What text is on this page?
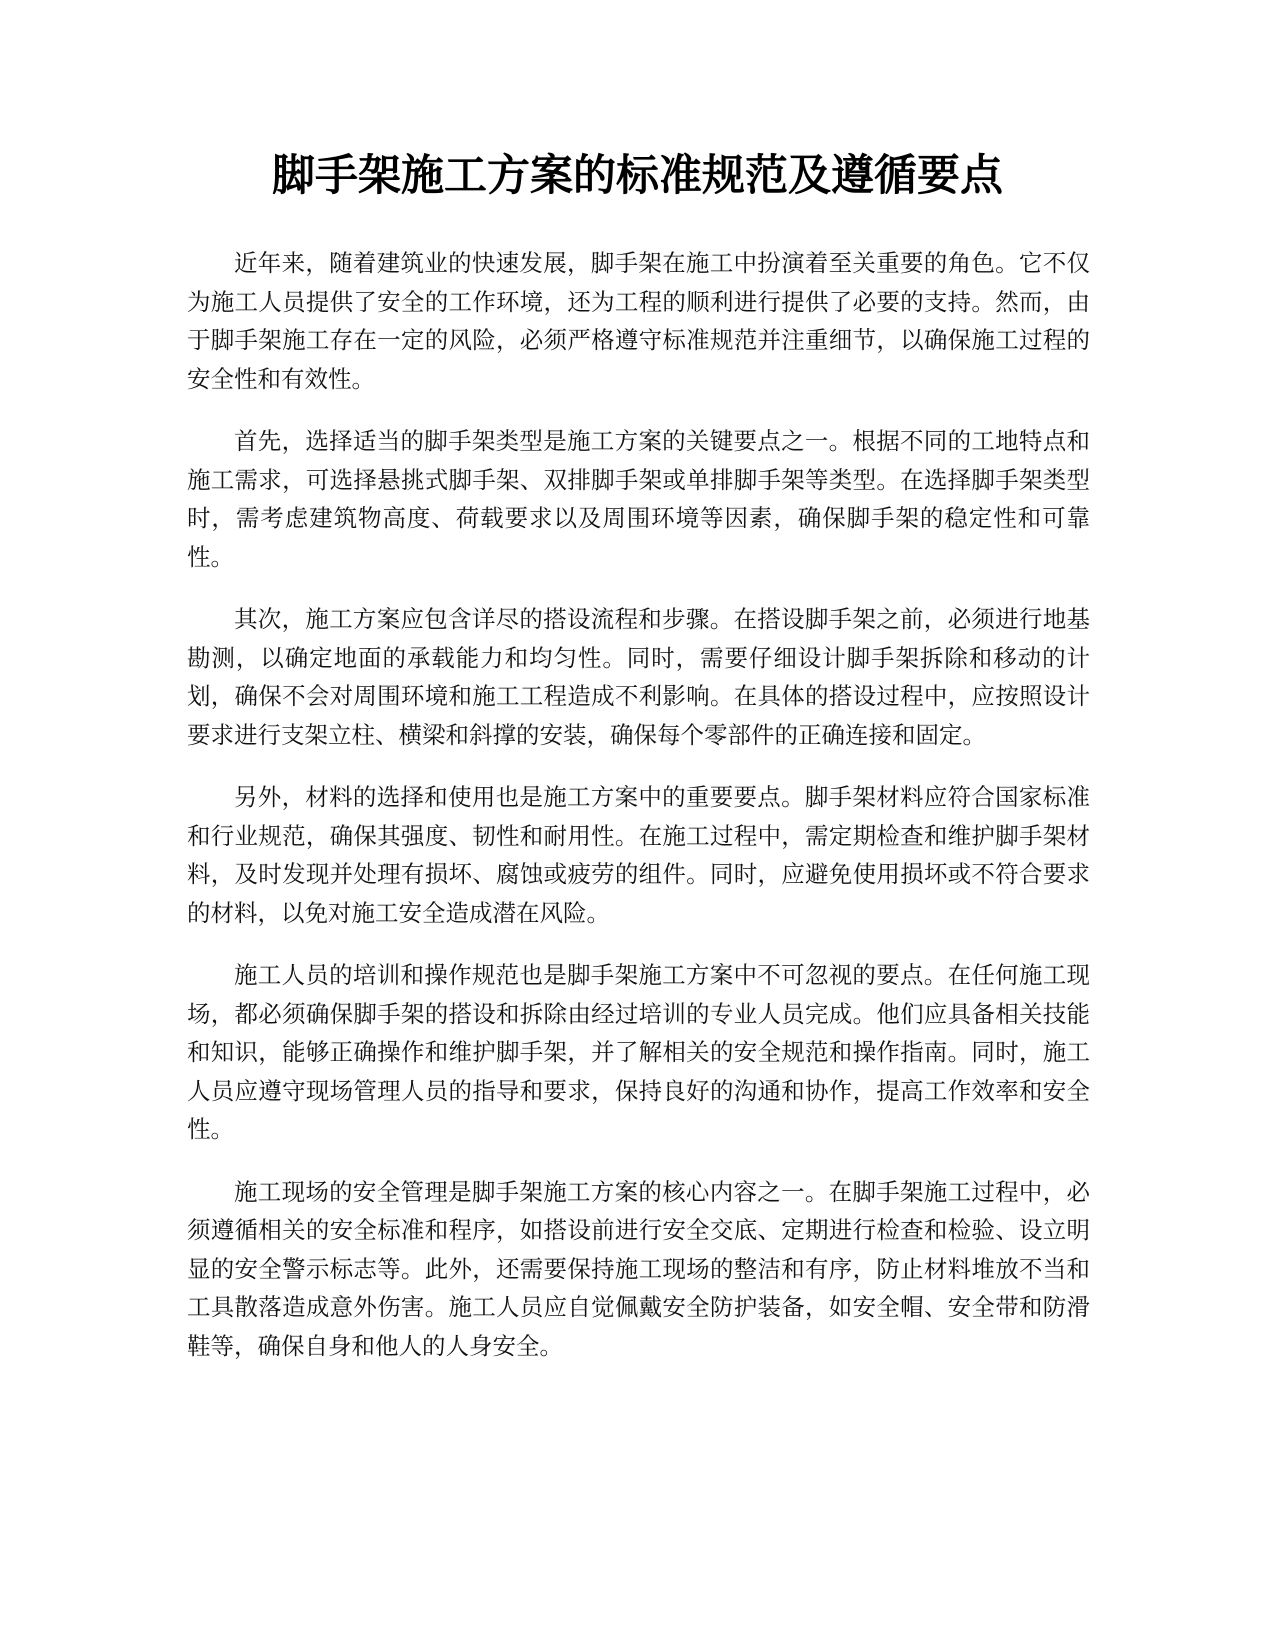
脚手架施工方案的标准规范及遵循要点

近年来，随着建筑业的快速发展，脚手架在施工中扮演着至关重要的角色。它不仅为施工人员提供了安全的工作环境，还为工程的顺利进行提供了必要的支持。然而，由于脚手架施工存在一定的风险，必须严格遵守标准规范并注重细节，以确保施工过程的安全性和有效性。

首先，选择适当的脚手架类型是施工方案的关键要点之一。根据不同的工地特点和施工需求，可选择悬挑式脚手架、双排脚手架或单排脚手架等类型。在选择脚手架类型时，需考虑建筑物高度、荷载要求以及周围环境等因素，确保脚手架的稳定性和可靠性。

其次，施工方案应包含详尽的搭设流程和步骤。在搭设脚手架之前，必须进行地基勘测，以确定地面的承载能力和均匀性。同时，需要仔细设计脚手架拆除和移动的计划，确保不会对周围环境和施工工程造成不利影响。在具体的搭设过程中，应按照设计要求进行支架立柱、横梁和斜撑的安装，确保每个零部件的正确连接和固定。

另外，材料的选择和使用也是施工方案中的重要要点。脚手架材料应符合国家标准和行业规范，确保其强度、韧性和耐用性。在施工过程中，需定期检查和维护脚手架材料，及时发现并处理有损坏、腐蚀或疲劳的组件。同时，应避免使用损坏或不符合要求的材料，以免对施工安全造成潜在风险。

施工人员的培训和操作规范也是脚手架施工方案中不可忽视的要点。在任何施工现场，都必须确保脚手架的搭设和拆除由经过培训的专业人员完成。他们应具备相关技能和知识，能够正确操作和维护脚手架，并了解相关的安全规范和操作指南。同时，施工人员应遵守现场管理人员的指导和要求，保持良好的沟通和协作，提高工作效率和安全性。

施工现场的安全管理是脚手架施工方案的核心内容之一。在脚手架施工过程中，必须遵循相关的安全标准和程序，如搭设前进行安全交底、定期进行检查和检验、设立明显的安全警示标志等。此外，还需要保持施工现场的整洁和有序，防止材料堆放不当和工具散落造成意外伤害。施工人员应自觉佩戴安全防护装备，如安全帽、安全带和防滑鞋等，确保自身和他人的人身安全。
